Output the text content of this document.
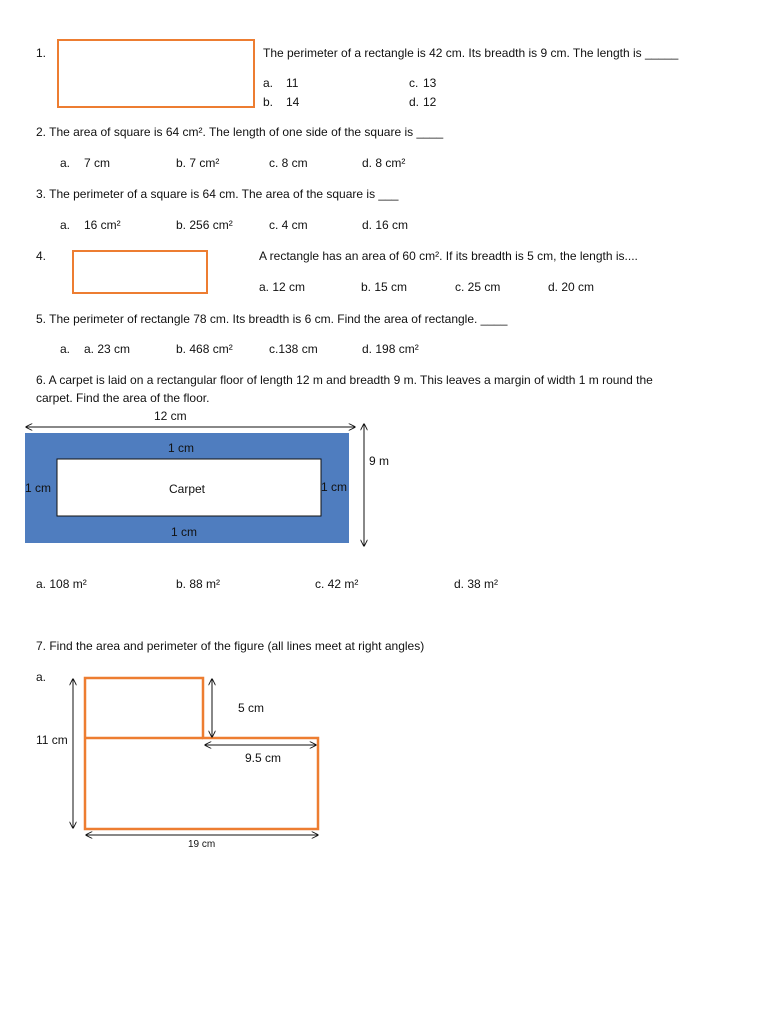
1.	The perimeter of a rectangle is 42 cm. Its breadth is 9 cm. The length is _____
a. 11
b. 14
c. 13
d. 12
2. The area of square is 64 cm². The length of one side of the square is ____
a. 7 cm	b. 7 cm²	c. 8 cm	d. 8 cm²
3. The perimeter of a square is 64 cm. The area of the square is ___
a. 16 cm²	b. 256 cm²	c. 4 cm	d. 16 cm
4.	A rectangle has an area of 60 cm². If its breadth is 5 cm, the length is....
a. 12 cm	b. 15 cm	c. 25 cm	d. 20 cm
5. The perimeter of rectangle 78 cm. Its breadth is 6 cm. Find the area of rectangle. ____
a. a. 23 cm	b. 468 cm²	c.138 cm	d. 198 cm²
6. A carpet is laid on a rectangular floor of length 12 m and breadth 9 m. This leaves a margin of width 1 m round the
carpet. Find the area of the floor.
12 cm
9 m
1 cm
1 cm
1 cm	1 cm
Carpet
a. 108 m²	b. 88 m²	c. 42 m²	d. 38 m²
7. Find the area and perimeter of the figure (all lines meet at right angles)
a.
11 cm
5 cm
9.5 cm
19 cm
